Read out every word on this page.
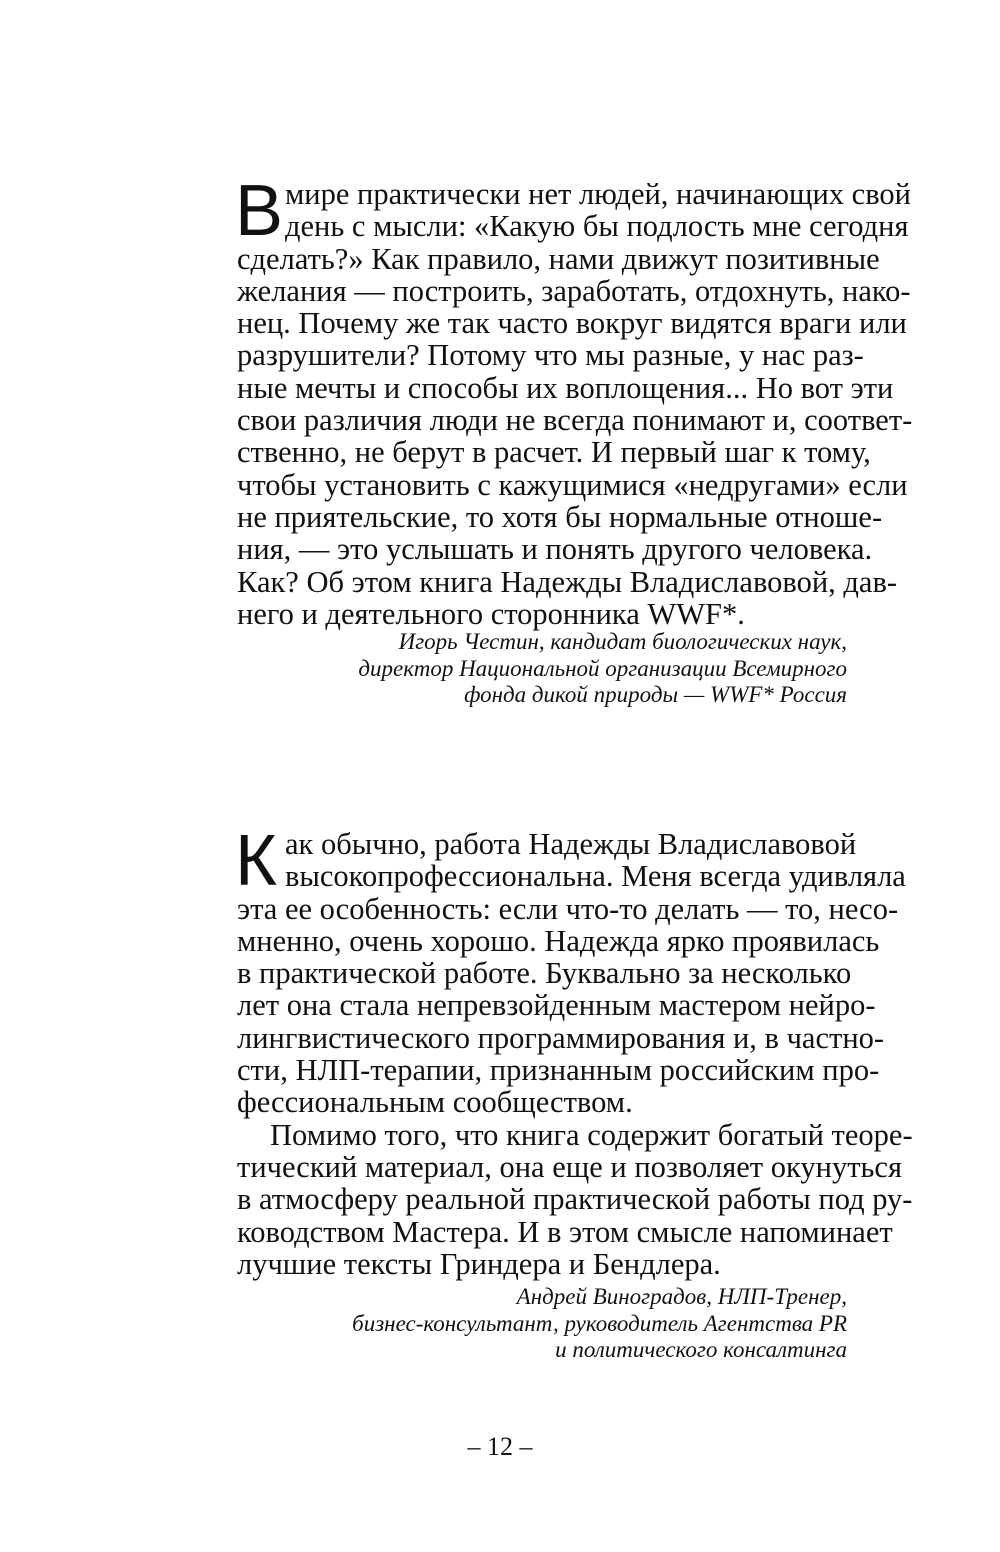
В мире практически нет людей, начинающих свой
день с мысли: «Какую бы подлость мне сегодня
сделать?» Как правило, нами движут позитивные
желания — построить, заработать, отдохнуть, нако-
нец. Почему же так часто вокруг видятся враги или
разрушители? Потому что мы разные, у нас раз-
ные мечты и способы их воплощения... Но вот эти
свои различия люди не всегда понимают и, соответ-
ственно, не берут в расчет. И первый шаг к тому,
чтобы установить с кажущимися «недругами» если
не приятельские, то хотя бы нормальные отноше-
ния, — это услышать и понять другого человека.
Как? Об этом книга Надежды Владиславовой, дав-
него и деятельного сторонника WWF*.
Игорь Честин, кандидат биологических наук,
директор Национальной организации Всемирного
фонда дикой природы — WWF* Россия
К ак обычно, работа Надежды Владиславовой
высокопрофессиональна. Меня всегда удивляла
эта ее особенность: если что-то делать — то, несо-
мненно, очень хорошо. Надежда ярко проявилась
в практической работе. Буквально за несколько
лет она стала непревзойденным мастером нейро-
лингвистического программирования и, в частно-
сти, НЛП-терапии, признанным российским про-
фессиональным сообществом.
Помимо того, что книга содержит богатый теоре-
тический материал, она еще и позволяет окунуться
в атмосферу реальной практической работы под ру-
ководством Мастера. И в этом смысле напоминает
лучшие тексты Гриндера и Бендлера.
Андрей Виноградов, НЛП-Тренер,
бизнес-консультант, руководитель Агентства PR
и политического консалтинга
– 12 –
